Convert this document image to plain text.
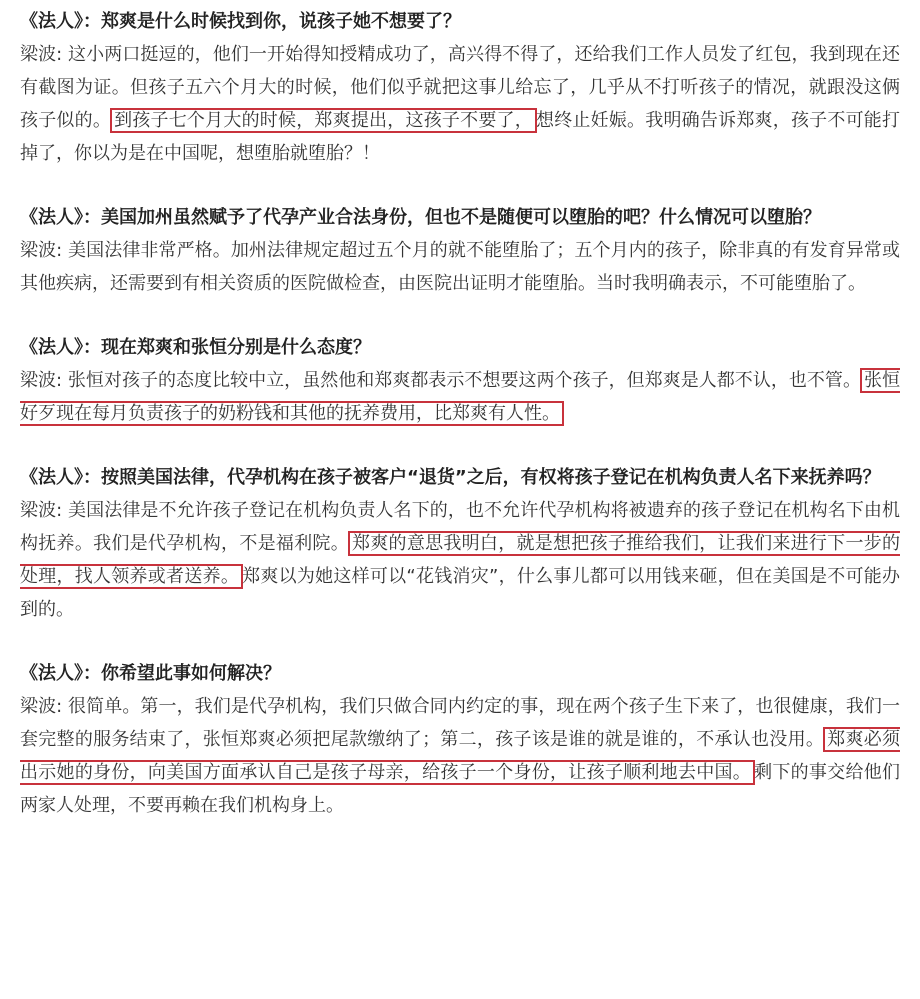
《法人》：郑爽是什么时候找到你，说孩子她不想要了？
梁波: 这小两口挺逗的，他们一开始得知授精成功了，高兴得不得了，还给我们工作人员发了红包，我到现在还有截图为证。但孩子五六个月大的时候，他们似乎就把这事儿给忘了，几乎从不打听孩子的情况，就跟没这俩孩子似的。 到孩子七个月大的时候，郑爽提出，这孩子不要了， 想终止妊娠。我明确告诉郑爽，孩子不可能打掉了，你以为是在中国呢，想堕胎就堕胎？！
《法人》：美国加州虽然赋予了代孕产业合法身份，但也不是随便可以堕胎的吧？什么情况可以堕胎？
梁波: 美国法律非常严格。加州法律规定超过五个月的就不能堕胎了；五个月内的孩子，除非真的有发育异常或其他疾病，还需要到有相关资质的医院做检查，由医院出证明才能堕胎。当时我明确表示，不可能堕胎了。
《法人》：现在郑爽和张恒分别是什么态度？
梁波: 张恒对孩子的态度比较中立，虽然他和郑爽都表示不想要这两个孩子，但郑爽是人都不认，也不管。 张恒好歹现在每月负责孩子的奶粉钱和其他的抚养费用，比郑爽有人性。
《法人》：按照美国法律，代孕机构在孩子被客户“退货”之后，有权将孩子登记在机构负责人名下来抚养吗？
梁波: 美国法律是不允许孩子登记在机构负责人名下的，也不允许代孕机构将被遗弃的孩子登记在机构名下由机构抚养。我们是代孕机构，不是福利院。 郑爽的意思我明白，就是想把孩子推给我们，让我们来进行下一步的处理，找人领养或者送养。 郑爽以为她这样可以“花钱消灾”，什么事儿都可以用钱来砸，但在美国是不可能办到的。
《法人》：你希望此事如何解决？
梁波: 很简单。第一，我们是代孕机构，我们只做合同内约定的事，现在两个孩子生下来了，也很健康，我们一套完整的服务结束了，张恒郑爽必须把尾款缴纳了；第二，孩子该是谁的就是谁的，不承认也没用。 郑爽必须出示她的身份，向美国方面承认自己是孩子母亲，给孩子一个身份，让孩子顺利地去中国。 剩下的事交给他们两家人处理，不要再赖在我们机构身上。
